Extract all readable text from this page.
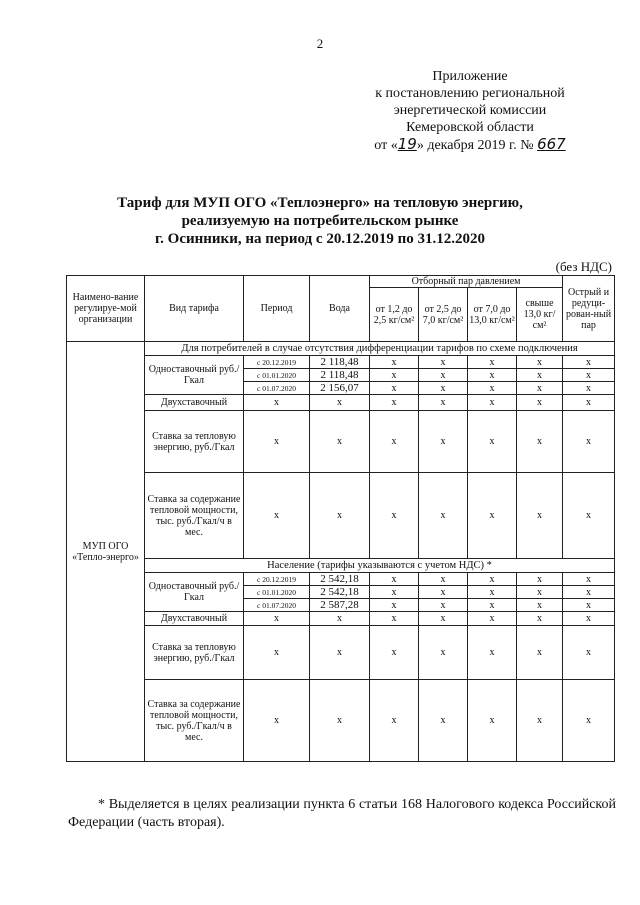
2
Приложение
к постановлению региональной
энергетической комиссии
Кемеровской области
от «19» декабря 2019 г. № 667
Тариф для МУП ОГО «Теплоэнерго» на тепловую энергию,
реализуемую на потребительском рынке
г. Осинники, на период с 20.12.2019 по 31.12.2020
(без НДС)
Наимено-вание регулируе-мой организации	Вид тарифа	Период	Вода	Отборный пар давлением				Острый и редуци-рован-ный пар
				от 1,2 до 2,5 кг/см²	от 2,5 до 7,0 кг/см²	от 7,0 до 13,0 кг/см²	свыше 13,0 кг/см²	
МУП ОГО «Тепло-энерго»	Для потребителей в случае отсутствия дифференциации тарифов по схеме подключения							
	Одноставочный руб./Гкал	с 20.12.2019	2 118,48	х	х	х	х	х
		с 01.01.2020	2 118,48	х	х	х	х	х
		с 01.07.2020	2 156,07	х	х	х	х	х
	Двухставочный	х	х	х	х	х	х	х
	Ставка за тепловую энергию, руб./Гкал	х	х	х	х	х	х	х
	Ставка за содержание тепловой мощности, тыс. руб./Гкал/ч в мес.	х	х	х	х	х	х	х
	Население (тарифы указываются с учетом НДС) *							
	Одноставочный руб./Гкал	с 20.12.2019	2 542,18	х	х	х	х	х
		с 01.01.2020	2 542,18	х	х	х	х	х
		с 01.07.2020	2 587,28	х	х	х	х	х
	Двухставочный	х	х	х	х	х	х	х
	Ставка за тепловую энергию, руб./Гкал	х	х	х	х	х	х	х
	Ставка за содержание тепловой мощности, тыс. руб./Гкал/ч в мес.	х	х	х	х	х	х	х
* Выделяется в целях реализации пункта 6 статьи 168 Налогового кодекса Российской Федерации (часть вторая).
